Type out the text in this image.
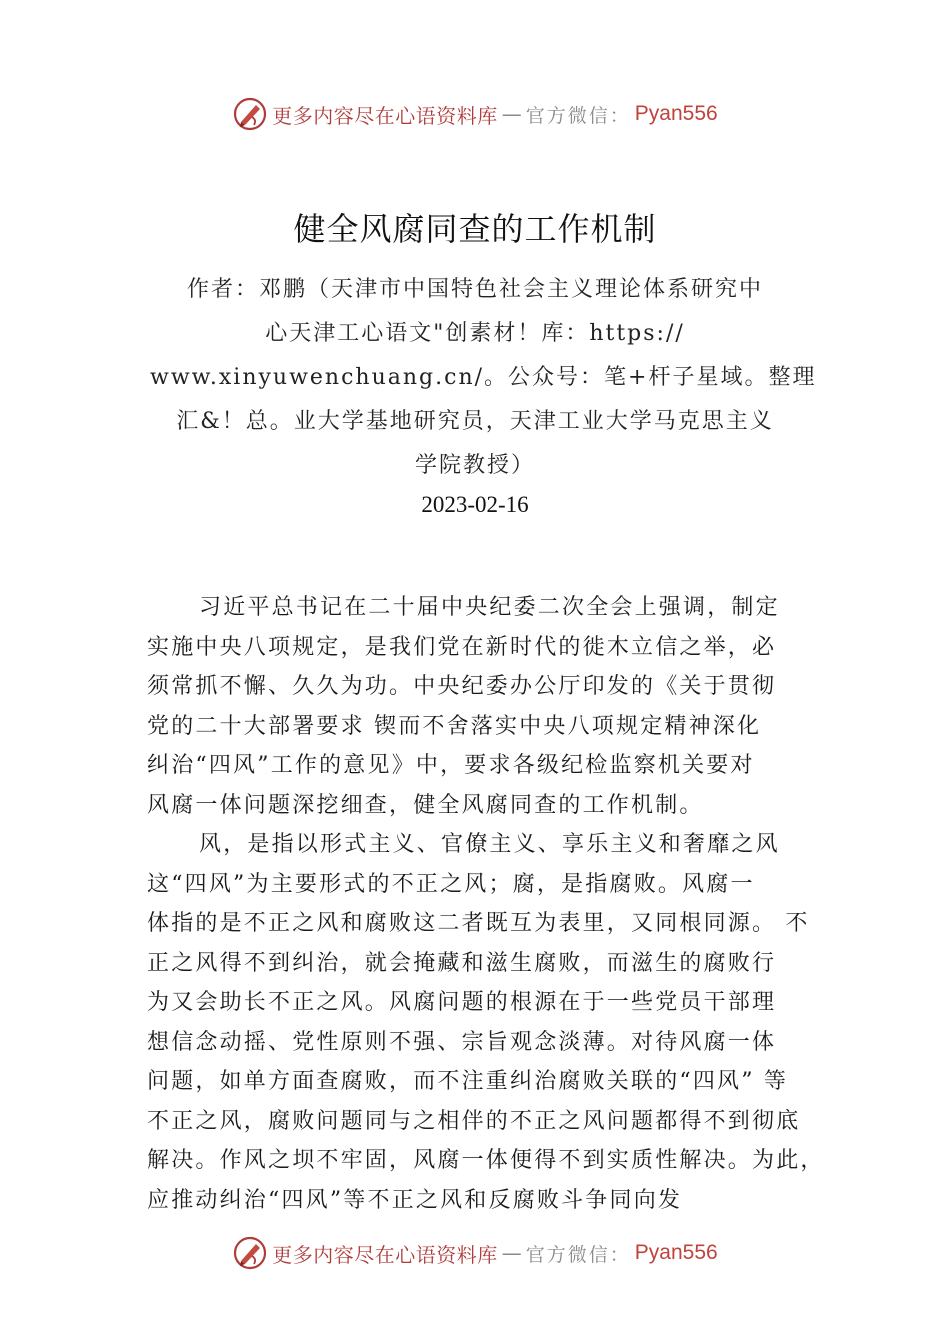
更多内容尽在心语资料库 — 官方微信： Pyan556
健全风腐同查的工作机制

作者：邓鹏（天津市中国特色社会主义理论体系研究中
心天津工心语文"创素材！库：https://
www.xinyuwenchuang.cn/。公众号：笔+杆子星域。整理
汇&！总。业大学基地研究员，天津工业大学马克思主义
学院教授）

2023-02-16

习近平总书记在二十届中央纪委二次全会上强调，制定
实施中央八项规定，是我们党在新时代的徙木立信之举，必
须常抓不懈、久久为功。中央纪委办公厅印发的《关于贯彻
党的二十大部署要求 锲而不舍落实中央八项规定精神深化
纠治“四风”工作的意见》中，要求各级纪检监察机关要对
风腐一体问题深挖细查，健全风腐同查的工作机制。
风，是指以形式主义、官僚主义、享乐主义和奢靡之风
这“四风”为主要形式的不正之风；腐，是指腐败。风腐一
体指的是不正之风和腐败这二者既互为表里，又同根同源。 不
正之风得不到纠治，就会掩藏和滋生腐败，而滋生的腐败行
为又会助长不正之风。风腐问题的根源在于一些党员干部理
想信念动摇、党性原则不强、宗旨观念淡薄。对待风腐一体
问题，如单方面查腐败，而不注重纠治腐败关联的“四风” 等
不正之风，腐败问题同与之相伴的不正之风问题都得不到彻底
解决。作风之坝不牢固，风腐一体便得不到实质性解决。为此，
应推动纠治“四风”等不正之风和反腐败斗争同向发
更多内容尽在心语资料库 — 官方微信： Pyan556
